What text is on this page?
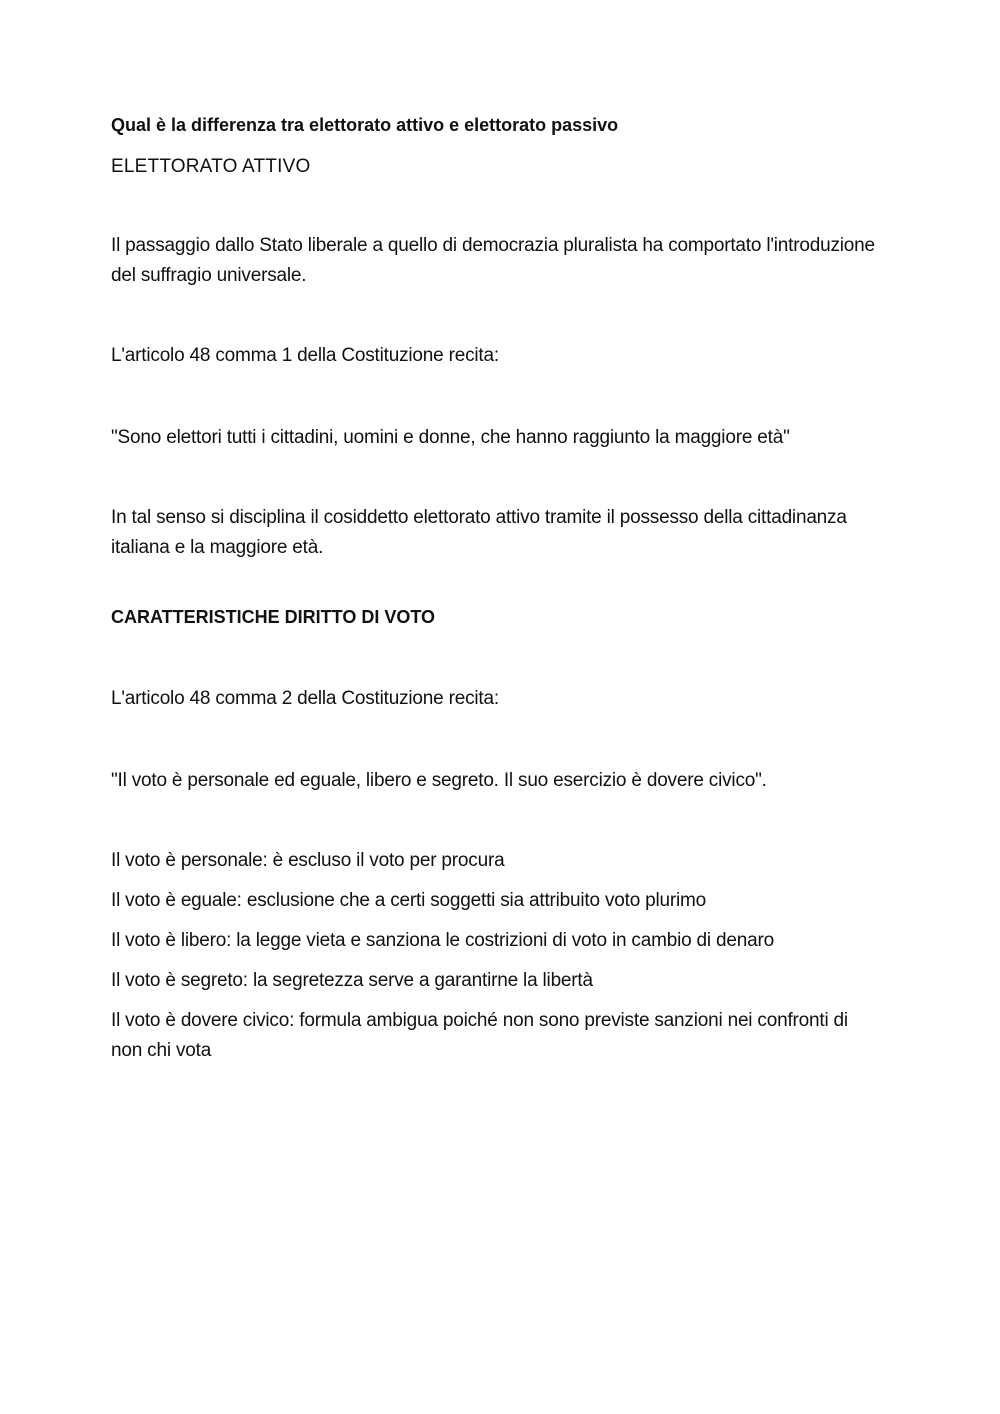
Qual è la differenza tra elettorato attivo e elettorato passivo
ELETTORATO ATTIVO

Il passaggio dallo Stato liberale a quello di democrazia pluralista ha comportato l'introduzione del suffragio universale.

L'articolo 48 comma 1 della Costituzione recita:

"Sono elettori tutti i cittadini, uomini e donne, che hanno raggiunto la maggiore età"

In tal senso si disciplina il cosiddetto elettorato attivo tramite il possesso della cittadinanza italiana e la maggiore età.

CARATTERISTICHE DIRITTO DI VOTO

L'articolo 48 comma 2 della Costituzione recita:

"Il voto è personale ed eguale, libero e segreto. Il suo esercizio è dovere civico".

Il voto è personale: è escluso il voto per procura

Il voto è eguale: esclusione che a certi soggetti sia attribuito voto plurimo

Il voto è libero: la legge vieta e sanziona le costrizioni di voto in cambio di denaro

Il voto è segreto: la segretezza serve a garantirne la libertà

Il voto è dovere civico: formula ambigua poiché non sono previste sanzioni nei confronti di non chi vota
